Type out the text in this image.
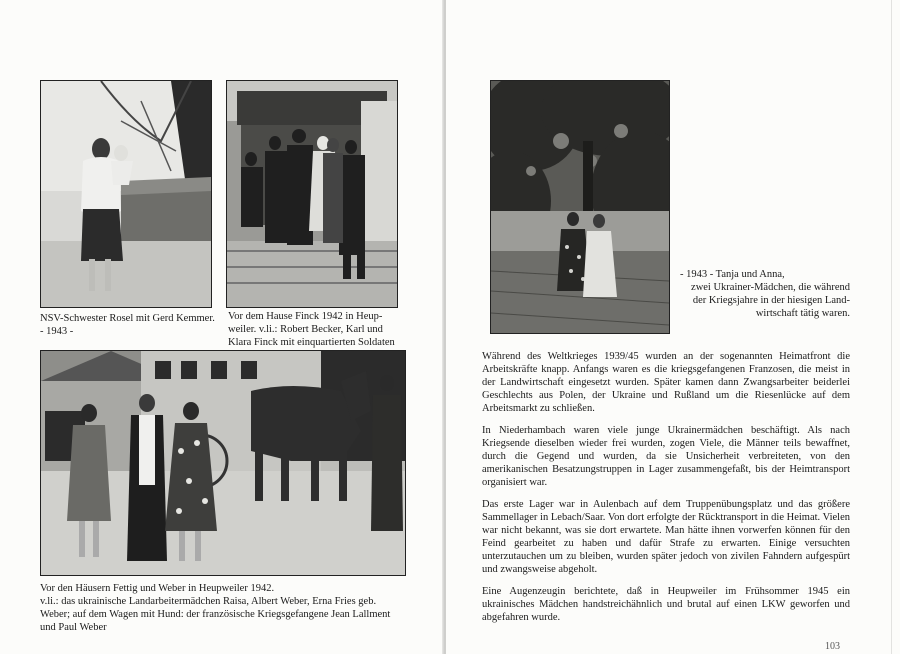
NSV-Schwester Rosel mit Gerd Kemmer.

- 1943 -

Vor dem Hause Finck 1942 in Heup-

weiler. v.li.: Robert Becker, Karl und

Klara Finck mit einquartierten Soldaten

Vor den Häusern Fettig und Weber in Heupweiler 1942.

v.li.: das ukrainische Landarbeitermädchen Raisa, Albert Weber, Erna Fries geb.

Weber; auf dem Wagen mit Hund: der französische Kriegsgefangene Jean Lallment

und Paul Weber

- 1943 - Tanja und Anna,

zwei Ukrainer-Mädchen, die während

der Kriegsjahre in der hiesigen Land-

wirtschaft tätig waren.

Während des Weltkrieges 1939/45 wurden an der sogenannten Heimatfront die Arbeitskräfte knapp. Anfangs waren es die kriegsgefangenen Franzosen, die meist in der Landwirtschaft eingesetzt wurden. Später kamen dann Zwangsarbeiter beiderlei Geschlechts aus Polen, der Ukraine und Rußland um die Riesenlücke auf dem Arbeitsmarkt zu schließen.

In Niederhambach waren viele junge Ukrainermädchen beschäftigt. Als nach Kriegsende dieselben wieder frei wurden, zogen Viele, die Männer teils bewaffnet, durch die Gegend und wurden, da sie Unsicherheit verbreiteten, von den amerikanischen Besatzungstruppen in Lager zusammengefaßt, bis der Heimtransport organisiert war.

Das erste Lager war in Aulenbach auf dem Truppenübungsplatz und das größere Sammellager in Lebach/Saar. Von dort erfolgte der Rücktransport in die Heimat. Vielen war nicht bekannt, was sie dort erwartete. Man hätte ihnen vorwerfen können für den Feind gearbeitet zu haben und dafür Strafe zu erwarten. Einige versuchten unterzutauchen um zu bleiben, wurden später jedoch von zivilen Fahndern aufgespürt und zwangsweise abgeholt.

Eine Augenzeugin berichtete, daß in Heupweiler im Frühsommer 1945 ein ukrainisches Mädchen handstreichähnlich und brutal auf einen LKW geworfen und abgefahren wurde.

103
